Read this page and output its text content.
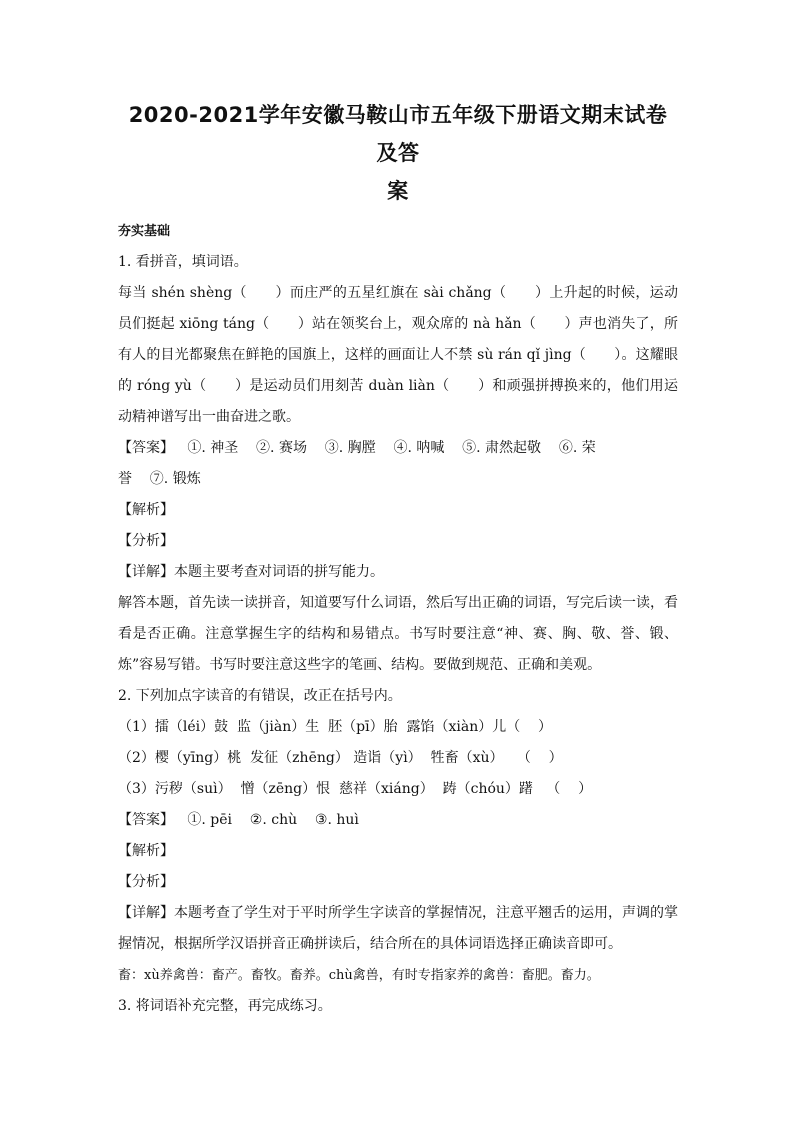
2020-2021学年安徽马鞍山市五年级下册语文期末试卷及答
案
夯实基础

1. 看拼音，填词语。

每当 shén shèng（　　）而庄严的五星红旗在 sài chǎng（　　）上升起的时候，运动员们挺起 xiōng táng（　　）站在领奖台上，观众席的 nà hǎn（　　）声也消失了，所有人的目光都聚焦在鲜艳的国旗上，这样的画面让人不禁 sù rán qǐ jìng（　　）。这耀眼的 róng yù（　　）是运动员们用刻苦 duàn liàn（　　）和顽强拼搏换来的，他们用运动精神谱写出一曲奋进之歌。

【答案】   ①. 神圣    ②. 赛场    ③. 胸膛    ④. 呐喊    ⑤. 肃然起敬    ⑥. 荣

誉    ⑦. 锻炼

【解析】

【分析】

【详解】本题主要考查对词语的拼写能力。

解答本题，首先读一读拼音，知道要写什么词语，然后写出正确的词语，写完后读一读，看看是否正确。注意掌握生字的结构和易错点。书写时要注意“神、赛、胸、敬、誉、锻、炼”容易写错。书写时要注意这些字的笔画、结构。要做到规范、正确和美观。

2. 下列加点字读音的有错误，改正在括号内。

（1）擂（léi）鼓  监（jiàn）生  胚（pī）胎  露馅（xiàn）儿（    ）

（2）樱（yīng）桃  发征（zhēng） 造诣（yì）  牲畜（xù）   （    ）

（3）污秽（suì）  憎（zēng）恨  慈祥（xiáng）  踌（chóu）躇   （    ）

【答案】   ①. pēi    ②. chù    ③. huì

【解析】

【分析】

【详解】本题考查了学生对于平时所学生字读音的掌握情况，注意平翘舌的运用，声调的掌握情况，根据所学汉语拼音正确拼读后，结合所在的具体词语选择正确读音即可。

畜：xù养禽兽：畜产。畜牧。畜养。chù禽兽，有时专指家养的禽兽：畜肥。畜力。

3. 将词语补充完整，再完成练习。
